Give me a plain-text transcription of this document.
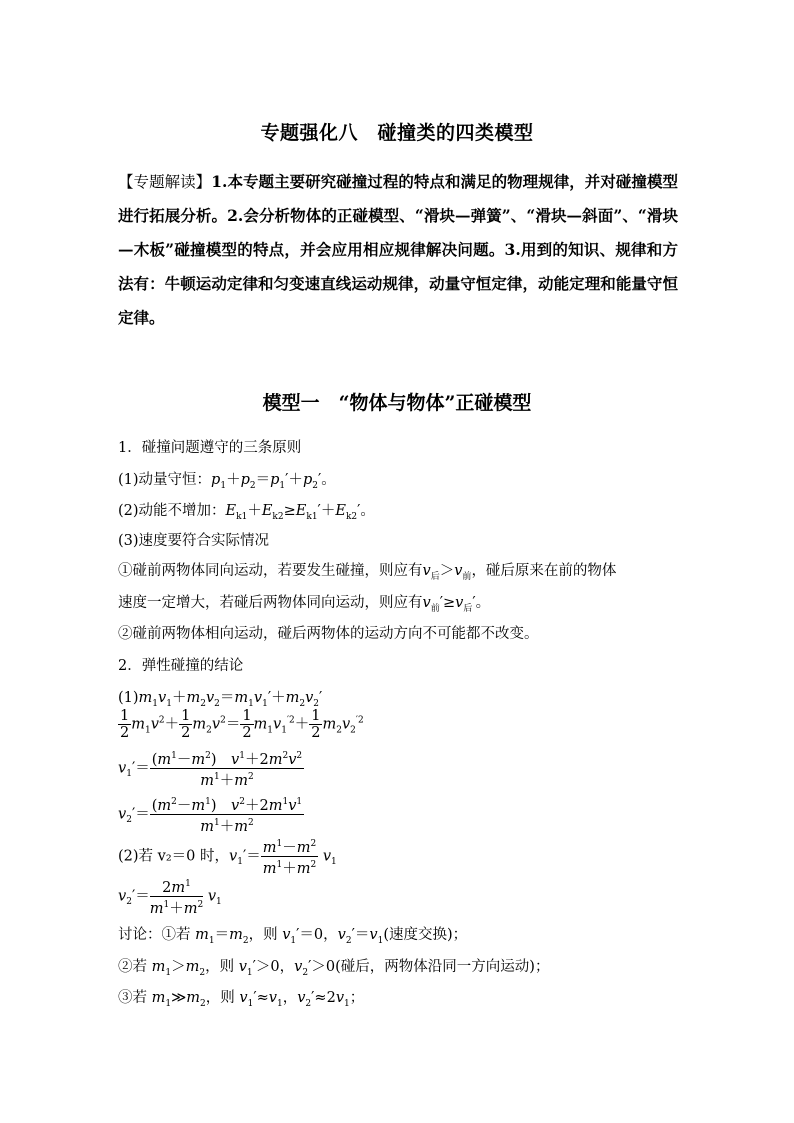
专题强化八　碰撞类的四类模型
【专题解读】1.本专题主要研究碰撞过程的特点和满足的物理规律，并对碰撞模型进行拓展分析。2.会分析物体的正碰模型、“滑块—弹簧”、“滑块—斜面”、“滑块—木板”碰撞模型的特点，并会应用相应规律解决问题。3.用到的知识、规律和方法有：牛顿运动定律和匀变速直线运动规律，动量守恒定律，动能定理和能量守恒定律。
模型一　“物体与物体”正碰模型
1．碰撞问题遵守的三条原则
(1)动量守恒：$p_1+p_2=p_1'+p_2'$。
(2)动能不增加：$E_{k1}+E_{k2}\ge E_{k1}'+E_{k2}'$。
(3)速度要符合实际情况
①碰前两物体同向运动，若要发生碰撞，则应有$v_后>v_前$，碰后原来在前的物体
速度一定增大，若碰后两物体同向运动，则应有$v_前'\ge v_后'$。
②碰前两物体相向运动，碰后两物体的运动方向不可能都不改变。
2．弹性碰撞的结论
$(1)m_1v_1+m_2v_2=m_1v_1'+m_2v_2'$
$\frac{1}{2} m_1v^2+ \frac{1}{2} m_2v^2= \frac{1}{2} m_1v_1^{'2}+ \frac{1}{2} m_2v_2^{'2}$
$v_1'= \frac{(m^1-m^2) v^1+2m^2v^2}{m^1+m^2}$
$v_2'= \frac{(m^2-m^1) v^2+2m^1v^1}{m^1+m^2}$
(2)若 v₂＝0 时，$v_1'= \frac{m^1-m^2}{m^1+m^2} v_1$
$v_2'= \frac{2m^1}{m^1+m^2} v_1$
讨论：①若 $m_1=m_2$，则 $v_1'=0$，$v_2'=v_1$(速度交换)；
②若 $m_1>m_2$，则 $v_1'>0$，$v_2'>0$(碰后，两物体沿同一方向运动)；
③若 $m_1≫m_2$，则 $v_1'\approx v_1$，$v_2'\approx 2v_1$；
